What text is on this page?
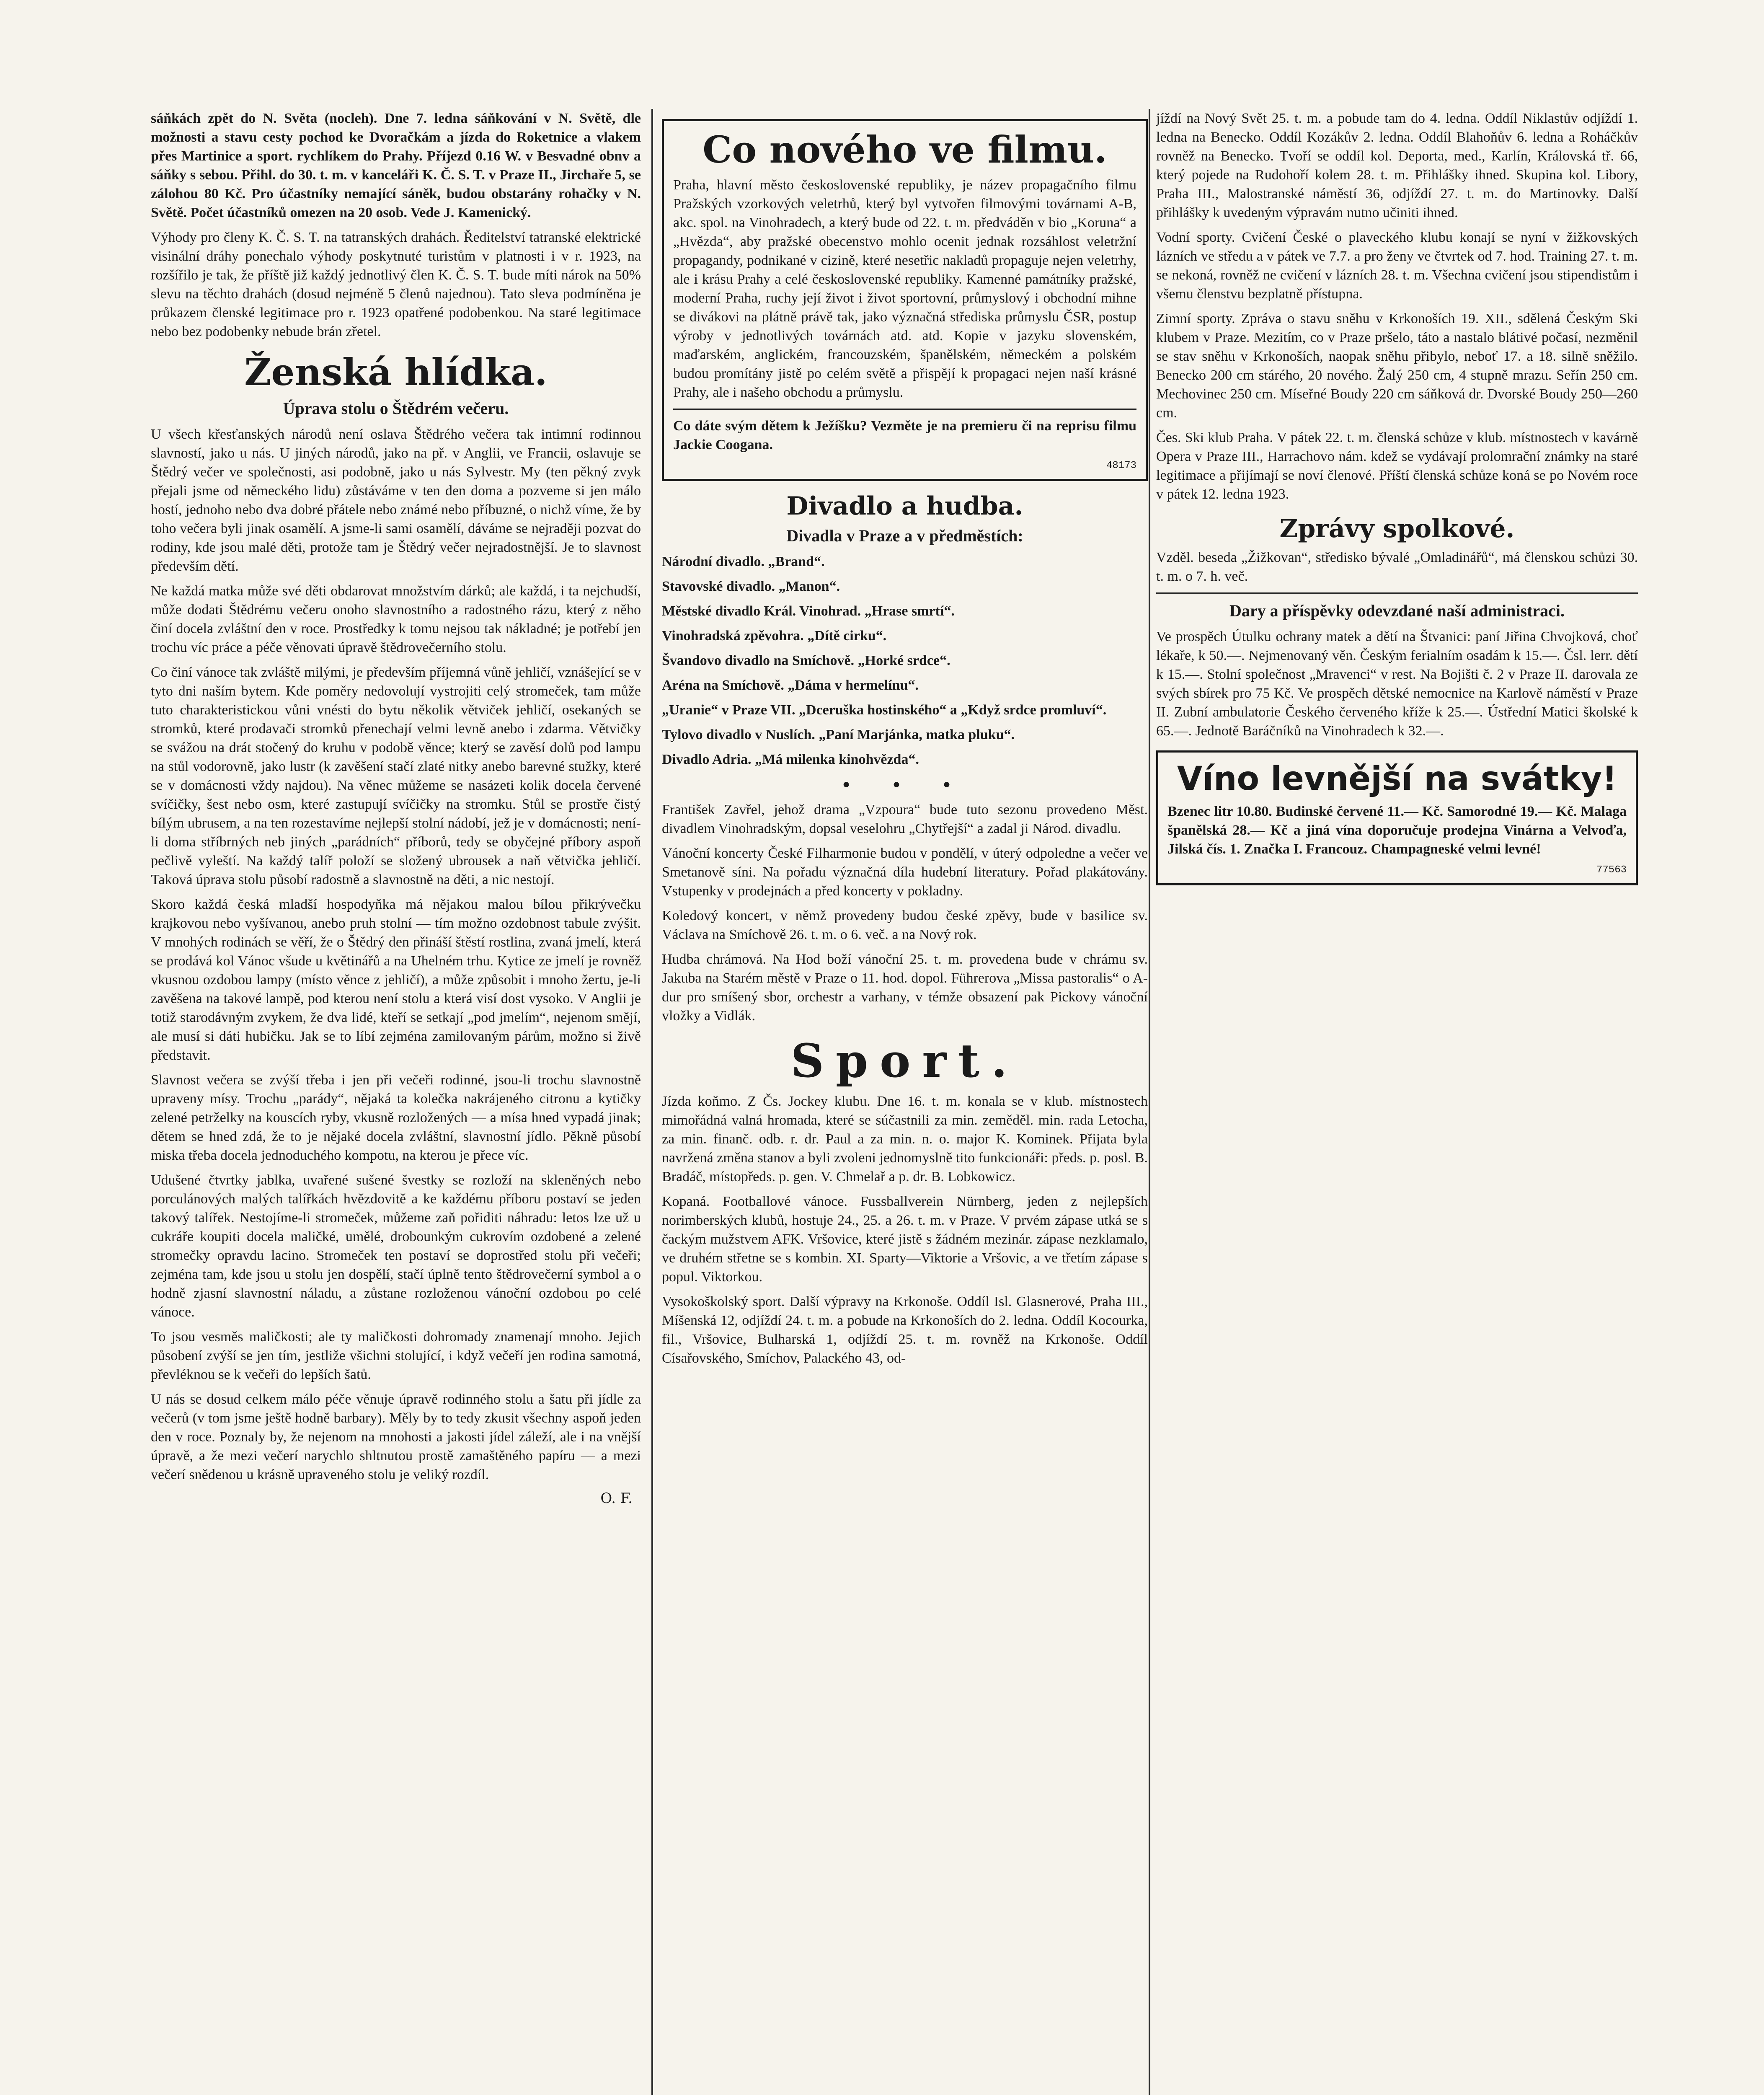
sáňkách zpět do N. Světa (nocleh). Dne 7. ledna sáňkování v N. Světě, dle možnosti a stavu cesty pochod ke Dvoračkám a jízda do Roketnice a vlakem přes Martinice a sport. rychlíkem do Prahy. Příjezd 0.16 W. v Besvadné obnv a sáňky s sebou. Přihl. do 30. t. m. v kanceláři K. Č. S. T. v Praze II., Jirchaře 5, se zálohou 80 Kč. Pro účastníky nemající sáněk, budou obstarány rohačky v N. Světě. Počet účastníků omezen na 20 osob. Vede J. Kamenický.

Výhody pro členy K. Č. S. T. na tatranských drahách. Ředitelství tatranské elektrické visinální dráhy ponechalo výhody poskytnuté turistům v platnosti i v r. 1923, na rozšířilo je tak, že příště již každý jednotlivý člen K. Č. S. T. bude míti nárok na 50% slevu na těchto drahách (dosud nejméně 5 členů najednou). Tato sleva podmíněna je průkazem členské legitimace pro r. 1923 opatřené podobenkou. Na staré legitimace nebo bez podobenky nebude brán zřetel.

Ženská hlídka.
Úprava stolu o Štědrém večeru.

U všech křesťanských národů není oslava Štědrého večera tak intimní rodinnou slavností, jako u nás. U jiných národů, jako na př. v Anglii, ve Francii, oslavuje se Štědrý večer ve společnosti, asi podobně, jako u nás Sylvestr. My (ten pěkný zvyk přejali jsme od německého lidu) zůstáváme v ten den doma a pozveme si jen málo hostí, jednoho nebo dva dobré přátele nebo známé nebo příbuzné, o nichž víme, že by toho večera byli jinak osamělí. A jsme-li sami osamělí, dáváme se nejraději pozvat do rodiny, kde jsou malé děti, protože tam je Štědrý večer nejradostnější. Je to slavnost především dětí.

Ne každá matka může své děti obdarovat množstvím dárků; ale každá, i ta nejchudší, může dodati Štědrému večeru onoho slavnostního a radostného rázu, který z něho činí docela zvláštní den v roce. Prostředky k tomu nejsou tak nákladné; je potřebí jen trochu víc práce a péče věnovati úpravě štědrovečerního stolu.

Co činí vánoce tak zvláště milými, je především příjemná vůně jehličí, vznášející se v tyto dni naším bytem. Kde poměry nedovolují vystrojiti celý stromeček, tam může tuto charakteristickou vůni vnésti do bytu několik větviček jehličí, osekaných se stromků, které prodavači stromků přenechají velmi levně anebo i zdarma. Větvičky se svážou na drát stočený do kruhu v podobě věnce; který se zavěsí dolů pod lampu na stůl vodorovně, jako lustr (k zavěšení stačí zlaté nitky anebo barevné stužky, které se v domácnosti vždy najdou). Na věnec můžeme se nasázeti kolik docela červené svíčičky, šest nebo osm, které zastupují svíčičky na stromku. Stůl se prostře čistý bílým ubrusem, a na ten rozestavíme nejlepší stolní nádobí, jež je v domácnosti; není-li doma stříbrných neb jiných „parádních“ příborů, tedy se obyčejné příbory aspoň pečlivě vyleští. Na každý talíř položí se složený ubrousek a naň větvička jehličí. Taková úprava stolu působí radostně a slavnostně na děti, a nic nestojí.

Skoro každá česká mladší hospodyňka má nějakou malou bílou přikrývečku krajkovou nebo vyšívanou, anebo pruh stolní — tím možno ozdobnost tabule zvýšit. V mnohých rodinách se věří, že o Štědrý den přináší štěstí rostlina, zvaná jmelí, která se prodává kol Vánoc všude u květinářů a na Uhelném trhu. Kytice ze jmelí je rovněž vkusnou ozdobou lampy (místo věnce z jehličí), a může způsobit i mnoho žertu, je-li zavěšena na takové lampě, pod kterou není stolu a která visí dost vysoko. V Anglii je totiž starodávným zvykem, že dva lidé, kteří se setkají „pod jmelím“, nejenom smějí, ale musí si dáti hubičku. Jak se to líbí zejména zamilovaným párům, možno si živě představit.

Slavnost večera se zvýší třeba i jen při večeři rodinné, jsou-li trochu slavnostně upraveny mísy. Trochu „parády“, nějaká ta kolečka nakrájeného citronu a kytičky zelené petrželky na kouscích ryby, vkusně rozložených — a mísa hned vypadá jinak; dětem se hned zdá, že to je nějaké docela zvláštní, slavnostní jídlo. Pěkně působí miska třeba docela jednoduchého kompotu, na kterou je přece víc.

Udušené čtvrtky jablka, uvařené sušené švestky se rozloží na skleněných nebo porculánových malých talířkách hvězdovitě a ke každému příboru postaví se jeden takový talířek. Nestojíme-li stromeček, můžeme zaň pořiditi náhradu: letos lze už u cukráře koupiti docela maličké, umělé, drobounkým cukrovím ozdobené a zelené stromečky opravdu lacino. Stromeček ten postaví se doprostřed stolu při večeři; zejména tam, kde jsou u stolu jen dospělí, stačí úplně tento štědrovečerní symbol a o hodně zjasní slavnostní náladu, a zůstane rozloženou vánoční ozdobou po celé vánoce.

To jsou vesměs maličkosti; ale ty maličkosti dohromady znamenají mnoho. Jejich působení zvýší se jen tím, jestliže všichni stolující, i když večeří jen rodina samotná, převléknou se k večeři do lepších šatů.

U nás se dosud celkem málo péče věnuje úpravě rodinného stolu a šatu při jídle za večerů (v tom jsme ještě hodně barbary). Měly by to tedy zkusit všechny aspoň jeden den v roce. Poznaly by, že nejenom na mnohosti a jakosti jídel záleží, ale i na vnější úpravě, a že mezi večerí narychlo shltnutou prostě zamaštěného papíru — a mezi večerí snědenou u krásně upraveného stolu je veliký rozdíl.

O. F.
Co nového ve filmu.

Praha, hlavní město československé republiky, je název propagačního filmu Pražských vzorkových veletrhů, který byl vytvořen filmovými továrnami A-B, akc. spol. na Vinohradech, a který bude od 22. t. m. předváděn v bio „Koruna“ a „Hvězda“, aby pražské obecenstvo mohlo ocenit jednak rozsáhlost veletržní propagandy, podnikané v cizině, které nesetřic nakladů propaguje nejen veletrhy, ale i krásu Prahy a celé československé republiky. Kamenné památníky pražské, moderní Praha, ruchy její život i život sportovní, průmyslový i obchodní mihne se divákovi na plátně právě tak, jako význačná střediska průmyslu ČSR, postup výroby v jednotlivých továrnách atd. atd. Kopie v jazyku slovenském, maďarském, anglickém, francouzském, španělském, německém a polském budou promítány jistě po celém světě a přispějí k propagaci nejen naší krásné Prahy, ale i našeho obchodu a průmyslu.

Co dáte svým dětem k Ježíšku? Vezměte je na premieru či na reprisu filmu Jackie Coogana.

48173
Divadlo a hudba.
Divadla v Praze a v předměstích:

Národní divadlo. „Brand“.

Stavovské divadlo. „Manon“.

Městské divadlo Král. Vinohrad. „Hrase smrtí“.

Vinohradská zpěvohra. „Dítě cirku“.

Švandovo divadlo na Smíchově. „Horké srdce“.

Aréna na Smíchově. „Dáma v hermelínu“.

„Uranie“ v Praze VII. „Dceruška hostinského“ a „Když srdce promluví“.

Tylovo divadlo v Nuslích. „Paní Marjánka, matka pluku“.

Divadlo Adria. „Má milenka kinohvězda“.

• • •

František Zavřel, jehož drama „Vzpoura“ bude tuto sezonu provedeno Měst. divadlem Vinohradským, dopsal veselohru „Chytřejší“ a zadal ji Národ. divadlu.

Vánoční koncerty České Filharmonie budou v pondělí, v úterý odpoledne a večer ve Smetanově síni. Na pořadu význačná díla hudební literatury. Pořad plakátovány. Vstupenky v prodejnách a před koncerty v pokladny.

Koledový koncert, v němž provedeny budou české zpěvy, bude v basilice sv. Václava na Smíchově 26. t. m. o 6. več. a na Nový rok.

Hudba chrámová. Na Hod boží vánoční 25. t. m. provedena bude v chrámu sv. Jakuba na Starém městě v Praze o 11. hod. dopol. Führerova „Missa pastoralis“ o A-dur pro smíšený sbor, orchestr a varhany, v témže obsazení pak Pickovy vánoční vložky a Vidlák.

Sport.

Jízda koňmo. Z Čs. Jockey klubu. Dne 16. t. m. konala se v klub. místnostech mimořádná valná hromada, které se súčastnili za min. zeměděl. min. rada Letocha, za min. finanč. odb. r. dr. Paul a za min. n. o. major K. Kominek. Přijata byla navržená změna stanov a byli zvoleni jednomyslně tito funkcionáři: předs. p. posl. B. Bradáč, místopředs. p. gen. V. Chmelař a p. dr. B. Lobkowicz.

Kopaná. Footballové vánoce. Fussballverein Nürnberg, jeden z nejlepších norimberských klubů, hostuje 24., 25. a 26. t. m. v Praze. V prvém zápase utká se s čackým mužstvem AFK. Vršovice, které jistě s žádném mezinár. zápase nezklamalo, ve druhém střetne se s kombin. XI. Sparty—Viktorie a Vršovic, a ve třetím zápase s popul. Viktorkou.

Vysokoškolský sport. Další výpravy na Krkonoše. Oddíl Isl. Glasnerové, Praha III., Míšenská 12, odjíždí 24. t. m. a pobude na Krkonoších do 2. ledna. Oddíl Kocourka, fil., Vršovice, Bulharská 1, odjíždí 25. t. m. rovněž na Krkonoše. Oddíl Císařovského, Smíchov, Palackého 43, od-

jíždí na Nový Svět 25. t. m. a pobude tam do 4. ledna. Oddíl Niklastův odjíždí 1. ledna na Benecko. Oddíl Kozákův 2. ledna. Oddíl Blahoňův 6. ledna a Roháčkův rovněž na Benecko. Tvoří se oddíl kol. Deporta, med., Karlín, Královská tř. 66, který pojede na Rudohoří kolem 28. t. m. Přihlášky ihned. Skupina kol. Libory, Praha III., Malostranské náměstí 36, odjíždí 27. t. m. do Martinovky. Další přihlášky k uvedeným výpravám nutno učiniti ihned.

Vodní sporty. Cvičení České o plaveckého klubu konají se nyní v žižkovských lázních ve středu a v pátek ve 7.7. a pro ženy ve čtvrtek od 7. hod. Training 27. t. m. se nekoná, rovněž ne cvičení v lázních 28. t. m. Všechna cvičení jsou stipendistům i všemu členstvu bezplatně přístupna.

Zimní sporty. Zpráva o stavu sněhu v Krkonoších 19. XII., sdělená Českým Ski klubem v Praze. Mezitím, co v Praze pršelo, táto a nastalo blátivé počasí, nezměnil se stav sněhu v Krkonoších, naopak sněhu přibylo, neboť 17. a 18. silně sněžilo. Benecko 200 cm stárého, 20 nového. Žalý 250 cm, 4 stupně mrazu. Seřín 250 cm. Mechovinec 250 cm. Míseřné Boudy 220 cm sáňková dr. Dvorské Boudy 250—260 cm.

Čes. Ski klub Praha. V pátek 22. t. m. členská schůze v klub. místnostech v kavárně Opera v Praze III., Harrachovo nám. kdež se vydávají prolomrační známky na staré legitimace a přijímají se noví členové. Příští členská schůze koná se po Novém roce v pátek 12. ledna 1923.

Zprávy spolkové.

Vzděl. beseda „Žižkovan“, středisko bývalé „Omladinářů“, má členskou schůzi 30. t. m. o 7. h. več.

Dary a příspěvky odevzdané naší administraci.

Ve prospěch Útulku ochrany matek a dětí na Štvanici: paní Jiřina Chvojková, choť lékaře, k 50.—. Nejmenovaný věn. Českým ferialním osadám k 15.—. Čsl. lerr. dětí k 15.—. Stolní společnost „Mravenci“ v rest. Na Bojišti č. 2 v Praze II. darovala ze svých sbírek pro 75 Kč. Ve prospěch dětské nemocnice na Karlově náměstí v Praze II. Zubní ambulatorie Českého červeného kříže k 25.—. Ústřední Matici školské k 65.—. Jednotě Baráčníků na Vinohradech k 32.—.

Víno levnější na svátky!

Bzenec litr 10.80. Budinské červené 11.— Kč. Samorodné 19.— Kč. Malaga španělská 28.— Kč a jiná vína doporučuje prodejna Vinárna a Velvoďa, Jilská čís. 1. Značka I. Francouz. Champagneské velmi levné!

77563
